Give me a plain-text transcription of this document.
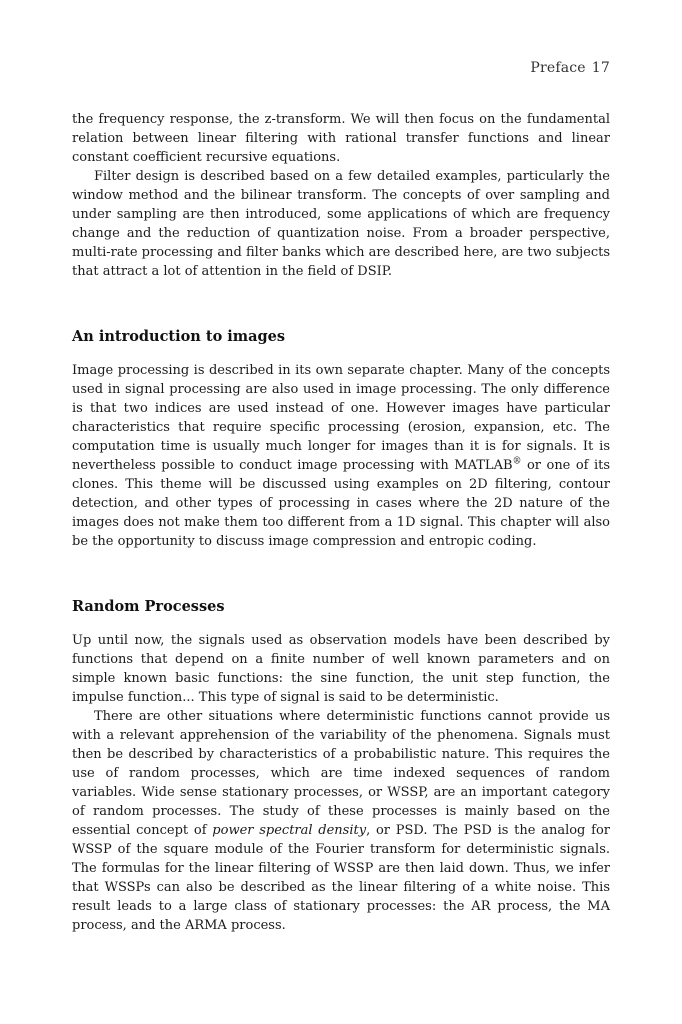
Preface 17

the frequency response, the z-transform. We will then focus on the fundamental relation between linear filtering with rational transfer functions and linear constant coefficient recursive equations.

Filter design is described based on a few detailed examples, particularly the window method and the bilinear transform. The concepts of over sampling and under sampling are then introduced, some applications of which are frequency change and the reduction of quantization noise. From a broader perspective, multi-rate processing and filter banks which are described here, are two subjects that attract a lot of attention in the field of DSIP.

An introduction to images

Image processing is described in its own separate chapter. Many of the concepts used in signal processing are also used in image processing. The only difference is that two indices are used instead of one. However images have particular characteristics that require specific processing (erosion, expansion, etc. The computation time is usually much longer for images than it is for signals. It is nevertheless possible to conduct image processing with MATLAB® or one of its clones. This theme will be discussed using examples on 2D filtering, contour detection, and other types of processing in cases where the 2D nature of the images does not make them too different from a 1D signal. This chapter will also be the opportunity to discuss image compression and entropic coding.

Random Processes

Up until now, the signals used as observation models have been described by functions that depend on a finite number of well known parameters and on simple known basic functions: the sine function, the unit step function, the impulse function... This type of signal is said to be deterministic.

There are other situations where deterministic functions cannot provide us with a relevant apprehension of the variability of the phenomena. Signals must then be described by characteristics of a probabilistic nature. This requires the use of random processes, which are time indexed sequences of random variables. Wide sense stationary processes, or WSSP, are an important category of random processes. The study of these processes is mainly based on the essential concept of power spectral density, or PSD. The PSD is the analog for WSSP of the square module of the Fourier transform for deterministic signals. The formulas for the linear filtering of WSSP are then laid down. Thus, we infer that WSSPs can also be described as the linear filtering of a white noise. This result leads to a large class of stationary processes: the AR process, the MA process, and the ARMA process.
